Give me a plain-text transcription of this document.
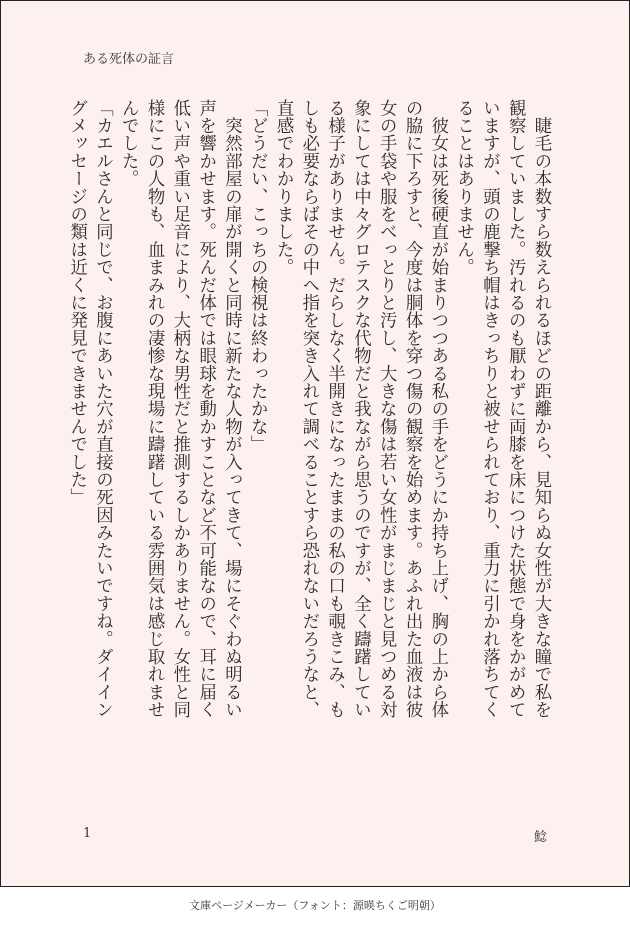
ある死体の証言

　睫毛の本数すら数えられるほどの距離から、見知らぬ女性が大きな瞳で私を観察していました。汚れるのも厭わずに両膝を床につけた状態で身をかがめていますが、頭の鹿撃ち帽はきっちりと被せられており、重力に引かれ落ちてくることはありません。

　彼女は死後硬直が始まりつつある私の手をどうにか持ち上げ、胸の上から体の脇に下ろすと、今度は胴体を穿つ傷の観察を始めます。あふれ出た血液は彼女の手袋や服をべっとりと汚し、大きな傷は若い女性がまじまじと見つめる対象にしては中々グロテスクな代物だと我ながら思うのですが、全く躊躇している様子がありません。だらしなく半開きになったままの私の口も覗きこみ、もしも必要ならばその中へ指を突き入れて調べることすら恐れないだろうなと、直感でわかりました。

「どうだい、こっちの検視は終わったかな」

　突然部屋の扉が開くと同時に新たな人物が入ってきて、場にそぐわぬ明るい声を響かせます。死んだ体では眼球を動かすことなど不可能なので、耳に届く低い声や重い足音により、大柄な男性だと推測するしかありません。女性と同様にこの人物も、血まみれの凄惨な現場に躊躇している雰囲気は感じ取れませんでした。

「カエルさんと同じで、お腹にあいた穴が直接の死因みたいですね。ダイイングメッセージの類は近くに発見できませんでした」

1	鯰
文庫ページメーカー（フォント：源暎ちくご明朝）
